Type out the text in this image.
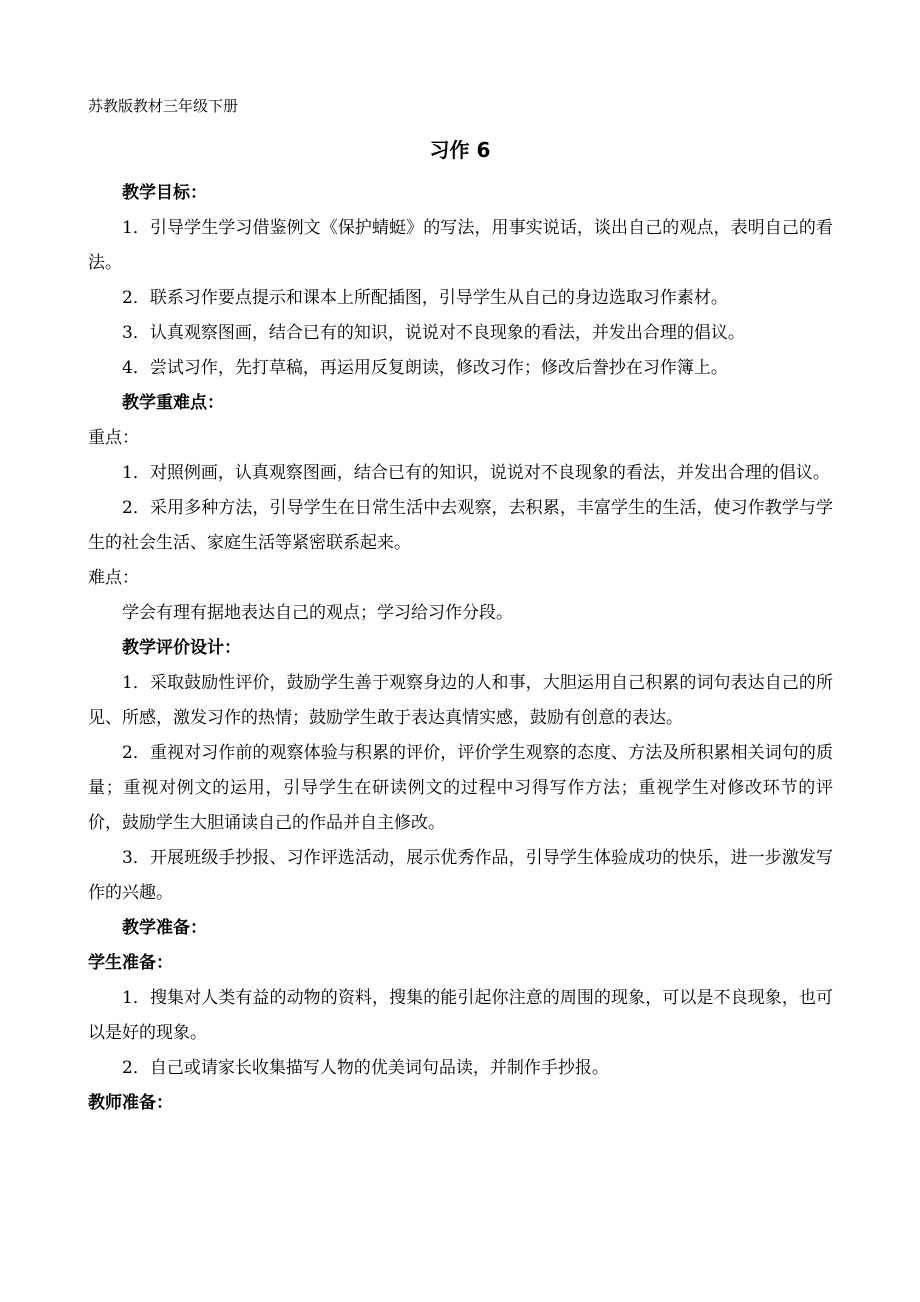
苏教版教材三年级下册
习作 6

教学目标：

1．引导学生学习借鉴例文《保护蜻蜓》的写法，用事实说话，谈出自己的观点，表明自己的看法。

2．联系习作要点提示和课本上所配插图，引导学生从自己的身边选取习作素材。

3．认真观察图画，结合已有的知识，说说对不良现象的看法，并发出合理的倡议。

4．尝试习作，先打草稿，再运用反复朗读，修改习作；修改后誊抄在习作簿上。

教学重难点：

重点：

1．对照例画，认真观察图画，结合已有的知识，说说对不良现象的看法，并发出合理的倡议。

2．采用多种方法，引导学生在日常生活中去观察，去积累，丰富学生的生活，使习作教学与学生的社会生活、家庭生活等紧密联系起来。

难点：

学会有理有据地表达自己的观点；学习给习作分段。

教学评价设计：

1．采取鼓励性评价，鼓励学生善于观察身边的人和事，大胆运用自己积累的词句表达自己的所见、所感，激发习作的热情；鼓励学生敢于表达真情实感，鼓励有创意的表达。

2．重视对习作前的观察体验与积累的评价，评价学生观察的态度、方法及所积累相关词句的质量；重视对例文的运用，引导学生在研读例文的过程中习得写作方法；重视学生对修改环节的评价，鼓励学生大胆诵读自己的作品并自主修改。

3．开展班级手抄报、习作评选活动，展示优秀作品，引导学生体验成功的快乐，进一步激发写作的兴趣。

教学准备：

学生准备：

1．搜集对人类有益的动物的资料，搜集的能引起你注意的周围的现象，可以是不良现象，也可以是好的现象。

2．自己或请家长收集描写人物的优美词句品读，并制作手抄报。

教师准备：
